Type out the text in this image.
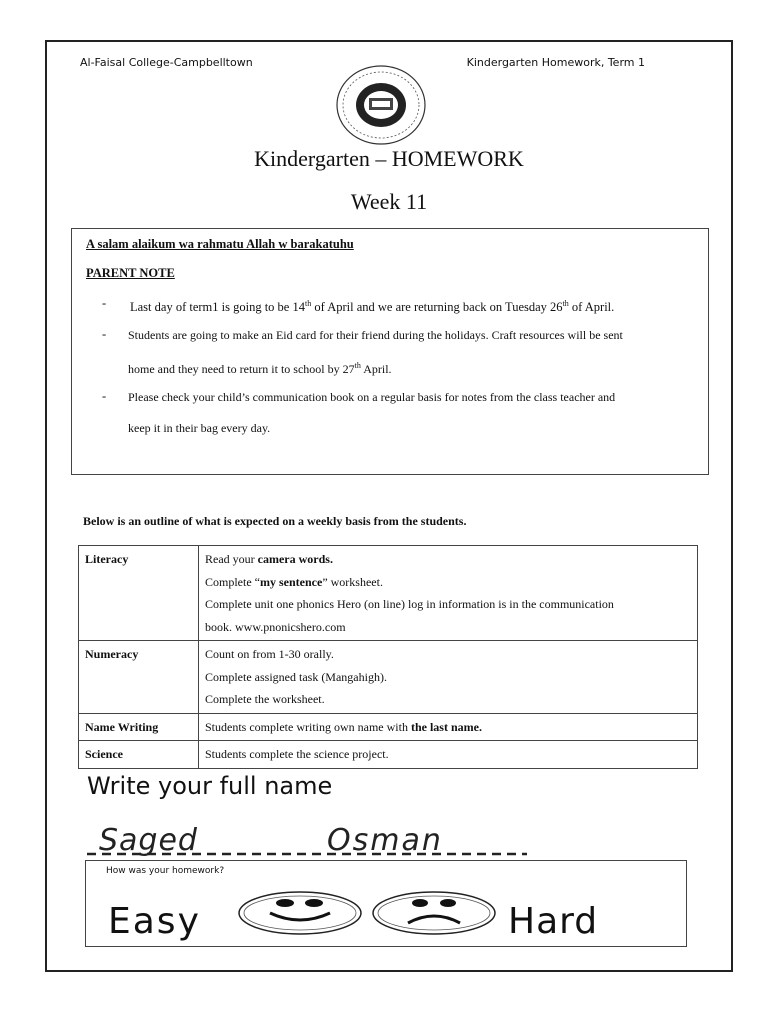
Al-Faisal College-Campbelltown	Kindergarten Homework, Term 1
Kindergarten – HOMEWORK
Week 11
A salam alaikum wa rahmatu Allah w barakatuhu
PARENT NOTE
- Last day of term1 is going to be 14th of April and we are returning back on Tuesday 26th of April.
- Students are going to make an Eid card for their friend during the holidays. Craft resources will be sent
home and they need to return it to school by 27th April.
- Please check your child’s communication book on a regular basis for notes from the class teacher and
keep it in their bag every day.
Below is an outline of what is expected on a weekly basis from the students.
Literacy	Read your camera words.
Complete “my sentence” worksheet.
Complete unit one phonics Hero (on line) log in information is in the communication
book. www.pnonicshero.com

Numeracy	Count on from 1-30 orally.
Complete assigned task (Mangahigh).
Complete the worksheet.

Name Writing	Students complete writing own name with the last name.
Science	Students complete the science project.
Write your full name
Saged	Osman
How was your homework?
Easy	Hard
